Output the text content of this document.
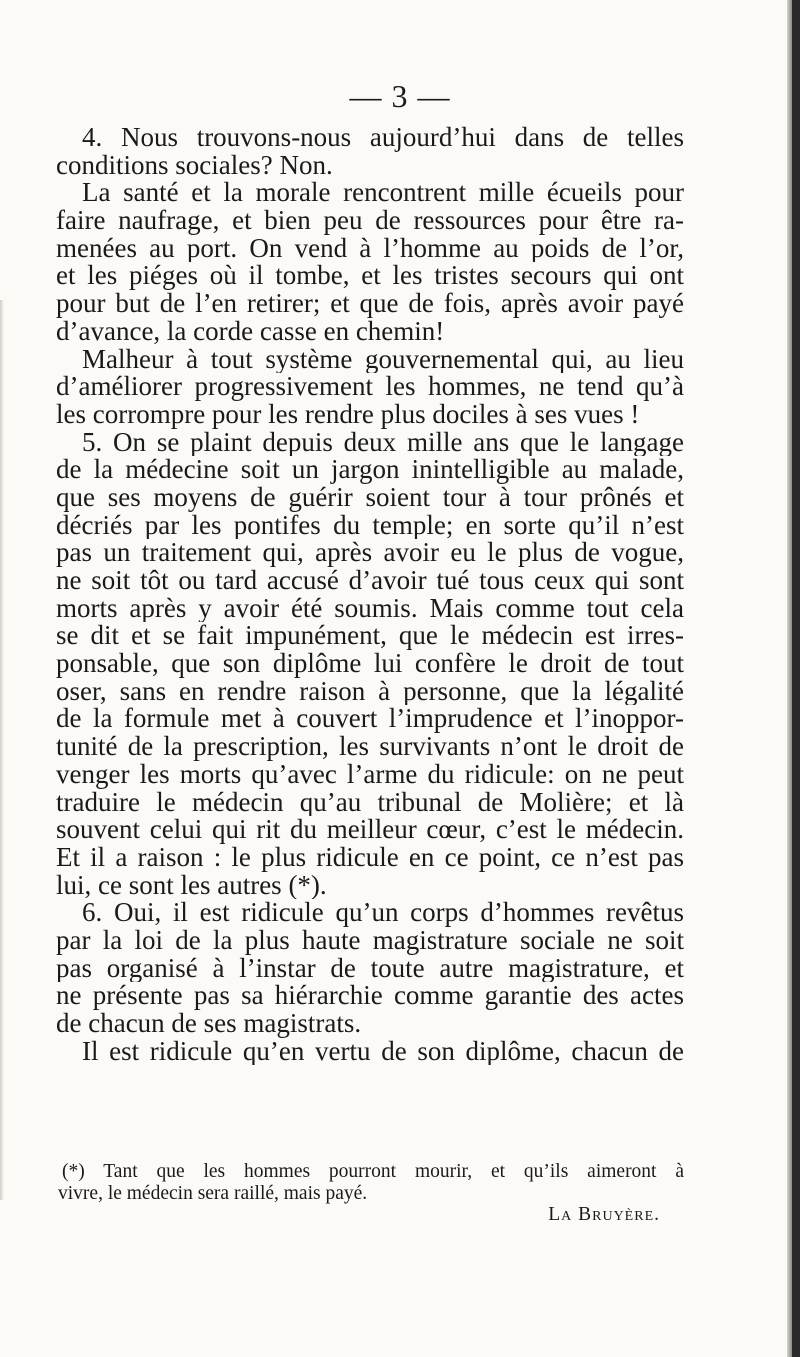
— 3 —
4. Nous trouvons-nous aujourd’hui dans de telles
conditions sociales? Non.
La santé et la morale rencontrent mille écueils pour
faire naufrage, et bien peu de ressources pour être ra-
menées au port. On vend à l’homme au poids de l’or,
et les piéges où il tombe, et les tristes secours qui ont
pour but de l’en retirer; et que de fois, après avoir payé
d’avance, la corde casse en chemin!
Malheur à tout système gouvernemental qui, au lieu
d’améliorer progressivement les hommes, ne tend qu’à
les corrompre pour les rendre plus dociles à ses vues !
5. On se plaint depuis deux mille ans que le langage
de la médecine soit un jargon inintelligible au malade,
que ses moyens de guérir soient tour à tour prônés et
décriés par les pontifes du temple; en sorte qu’il n’est
pas un traitement qui, après avoir eu le plus de vogue,
ne soit tôt ou tard accusé d’avoir tué tous ceux qui sont
morts après y avoir été soumis. Mais comme tout cela
se dit et se fait impunément, que le médecin est irres-
ponsable, que son diplôme lui confère le droit de tout
oser, sans en rendre raison à personne, que la légalité
de la formule met à couvert l’imprudence et l’inoppor-
tunité de la prescription, les survivants n’ont le droit de
venger les morts qu’avec l’arme du ridicule: on ne peut
traduire le médecin qu’au tribunal de Molière; et là
souvent celui qui rit du meilleur cœur, c’est le médecin.
Et il a raison : le plus ridicule en ce point, ce n’est pas
lui, ce sont les autres (*).
6. Oui, il est ridicule qu’un corps d’hommes revêtus
par la loi de la plus haute magistrature sociale ne soit
pas organisé à l’instar de toute autre magistrature, et
ne présente pas sa hiérarchie comme garantie des actes
de chacun de ses magistrats.
Il est ridicule qu’en vertu de son diplôme, chacun de
(*) Tant que les hommes pourront mourir, et qu’ils aimeront à
vivre, le médecin sera raillé, mais payé.
La Bruyère.
